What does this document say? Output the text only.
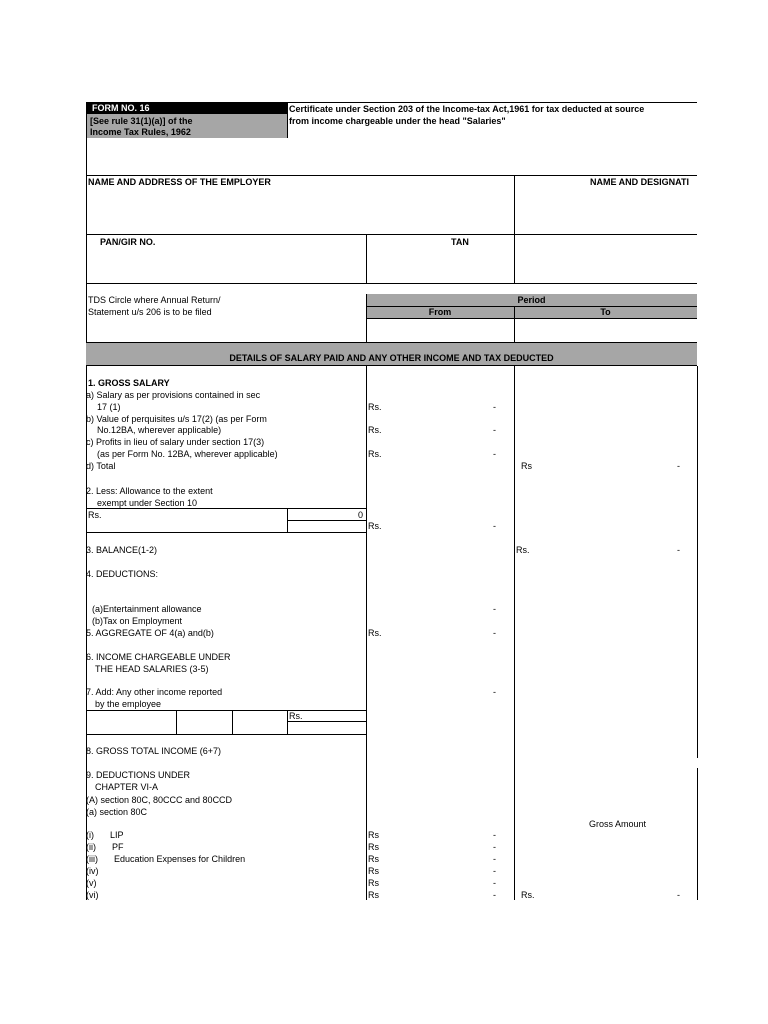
FORM NO. 16
[See rule 31(1)(a)] of the
Income Tax Rules, 1962
Certificate under Section 203 of the Income-tax Act,1961 for tax deducted at source
from income chargeable under the head "Salaries"
NAME AND ADDRESS OF THE EMPLOYER	NAME AND DESIGNATI
PAN/GIR NO.	TAN
TDS Circle where Annual Return/
Statement u/s 206 is to be filed
Period
From	To
DETAILS OF SALARY PAID AND ANY OTHER INCOME AND TAX DEDUCTED
1. GROSS SALARY
a) Salary as per provisions contained in sec
17 (1)	Rs.	-
b) Value of perquisites u/s 17(2) (as per Form
No.12BA, wherever applicable)	Rs.	-
c) Profits in lieu of salary under section 17(3)
(as per Form No. 12BA, wherever applicable)	Rs.	-
d) Total	Rs	-
2. Less: Allowance to the extent
exempt under Section 10
Rs.	0
Rs.	-
3. BALANCE(1-2)	Rs.	-
4. DEDUCTIONS:
(a)Entertainment allowance	-
(b)Tax on Employment
5. AGGREGATE OF 4(a) and(b)	Rs.	-
6. INCOME CHARGEABLE UNDER
THE HEAD SALARIES (3-5)
7. Add: Any other income reported	-
by the employee
Rs.
8. GROSS TOTAL INCOME (6+7)
9. DEDUCTIONS UNDER
CHAPTER VI-A
(A) section 80C, 80CCC and 80CCD
(a) section 80C
Gross Amount
(i) LIP	Rs	-
(ii) PF	Rs	-
(iii) Education Expenses for Children	Rs	-
(iv)	Rs	-
(v)	Rs	-
(vi)	Rs	-	Rs.	-
